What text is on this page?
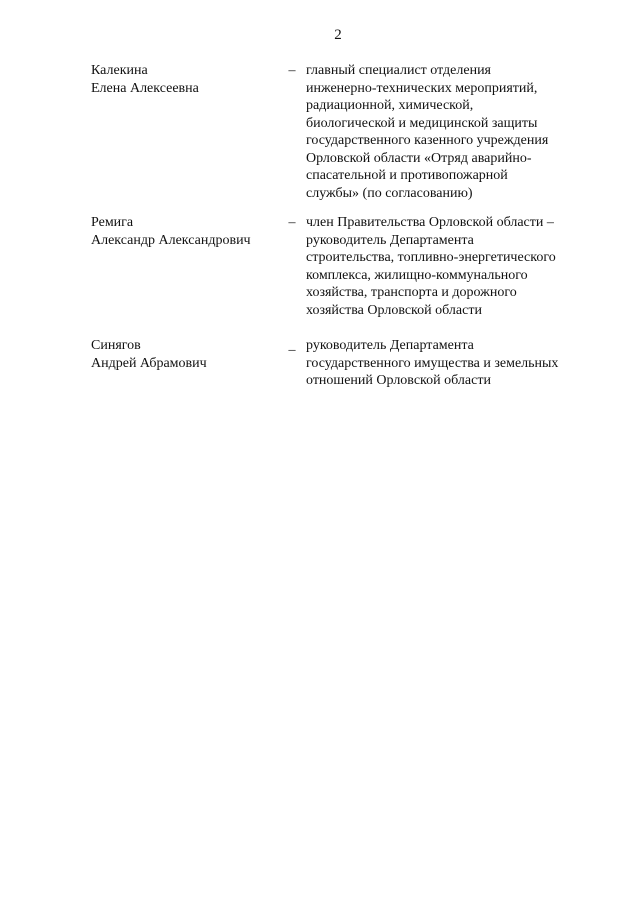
2
Калекина
Елена Алексеевна
– главный специалист отделения
инженерно-технических мероприятий,
радиационной, химической,
биологической и медицинской защиты
государственного казенного учреждения
Орловской области «Отряд аварийно-
спасательной и противопожарной
службы» (по согласованию)
Ремига
Александр Александрович
– член Правительства Орловской области –
руководитель Департамента
строительства, топливно-энергетического
комплекса, жилищно-коммунального
хозяйства, транспорта и дорожного
хозяйства Орловской области
Синягов
Андрей Абрамович
_ руководитель Департамента
государственного имущества и земельных
отношений Орловской области
